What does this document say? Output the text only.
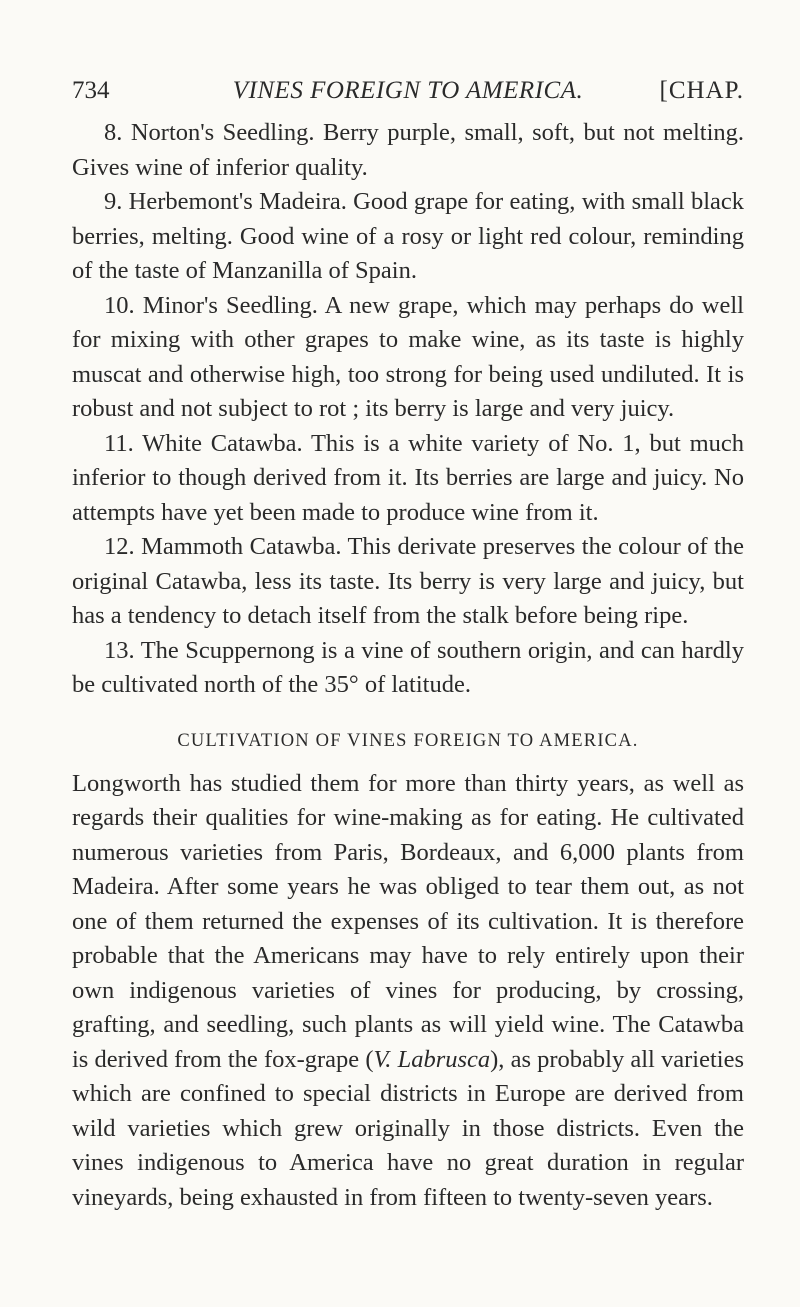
734	VINES FOREIGN TO AMERICA.	[CHAP.

8. Norton's Seedling. Berry purple, small, soft, but not melting. Gives wine of inferior quality.

9. Herbemont's Madeira. Good grape for eating, with small black berries, melting. Good wine of a rosy or light red colour, reminding of the taste of Manzanilla of Spain.

10. Minor's Seedling. A new grape, which may perhaps do well for mixing with other grapes to make wine, as its taste is highly muscat and otherwise high, too strong for being used undiluted. It is robust and not subject to rot ; its berry is large and very juicy.

11. White Catawba. This is a white variety of No. 1, but much inferior to though derived from it. Its berries are large and juicy. No attempts have yet been made to produce wine from it.

12. Mammoth Catawba. This derivate preserves the colour of the original Catawba, less its taste. Its berry is very large and juicy, but has a tendency to detach itself from the stalk before being ripe.

13. The Scuppernong is a vine of southern origin, and can hardly be cultivated north of the 35° of latitude.

CULTIVATION OF VINES FOREIGN TO AMERICA.

Longworth has studied them for more than thirty years, as well as regards their qualities for wine-making as for eating. He cultivated numerous varieties from Paris, Bordeaux, and 6,000 plants from Madeira. After some years he was obliged to tear them out, as not one of them returned the expenses of its cultivation. It is therefore probable that the Americans may have to rely entirely upon their own indigenous varieties of vines for producing, by crossing, grafting, and seedling, such plants as will yield wine. The Catawba is derived from the fox-grape (V. Labrusca), as probably all varieties which are confined to special districts in Europe are derived from wild varieties which grew originally in those districts. Even the vines indigenous to America have no great duration in regular vineyards, being exhausted in from fifteen to twenty-seven years.
